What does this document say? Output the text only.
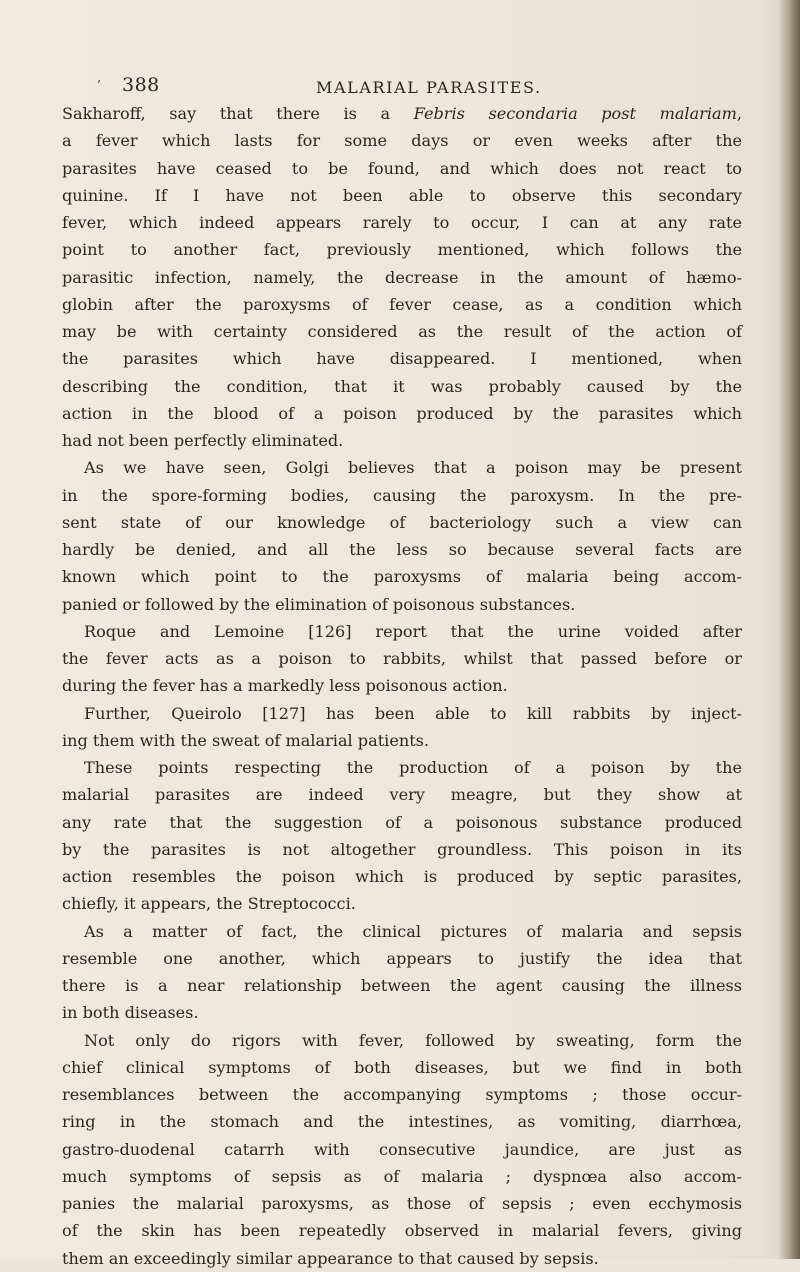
’ 388	MALARIAL PARASITES.
Sakharoff, say that there is a Febris secondaria post malariam,
a fever which lasts for some days or even weeks after the
parasites have ceased to be found, and which does not react to
quinine. If I have not been able to observe this secondary
fever, which indeed appears rarely to occur, I can at any rate
point to another fact, previously mentioned, which follows the
parasitic infection, namely, the decrease in the amount of hæmo-
globin after the paroxysms of fever cease, as a condition which
may be with certainty considered as the result of the action of
the parasites which have disappeared. I mentioned, when
describing the condition, that it was probably caused by the
action in the blood of a poison produced by the parasites which
had not been perfectly eliminated.
As we have seen, Golgi believes that a poison may be present
in the spore-forming bodies, causing the paroxysm. In the pre-
sent state of our knowledge of bacteriology such a view can
hardly be denied, and all the less so because several facts are
known which point to the paroxysms of malaria being accom-
panied or followed by the elimination of poisonous substances.
Roque and Lemoine [126] report that the urine voided after
the fever acts as a poison to rabbits, whilst that passed before or
during the fever has a markedly less poisonous action.
Further, Queirolo [127] has been able to kill rabbits by inject-
ing them with the sweat of malarial patients.
These points respecting the production of a poison by the
malarial parasites are indeed very meagre, but they show at
any rate that the suggestion of a poisonous substance produced
by the parasites is not altogether groundless. This poison in its
action resembles the poison which is produced by septic parasites,
chiefly, it appears, the Streptococci.
As a matter of fact, the clinical pictures of malaria and sepsis
resemble one another, which appears to justify the idea that
there is a near relationship between the agent causing the illness
in both diseases.
Not only do rigors with fever, followed by sweating, form the
chief clinical symptoms of both diseases, but we find in both
resemblances between the accompanying symptoms ; those occur-
ring in the stomach and the intestines, as vomiting, diarrhœa,
gastro-duodenal catarrh with consecutive jaundice, are just as
much symptoms of sepsis as of malaria ; dyspnœa also accom-
panies the malarial paroxysms, as those of sepsis ; even ecchymosis
of the skin has been repeatedly observed in malarial fevers, giving
them an exceedingly similar appearance to that caused by sepsis.
